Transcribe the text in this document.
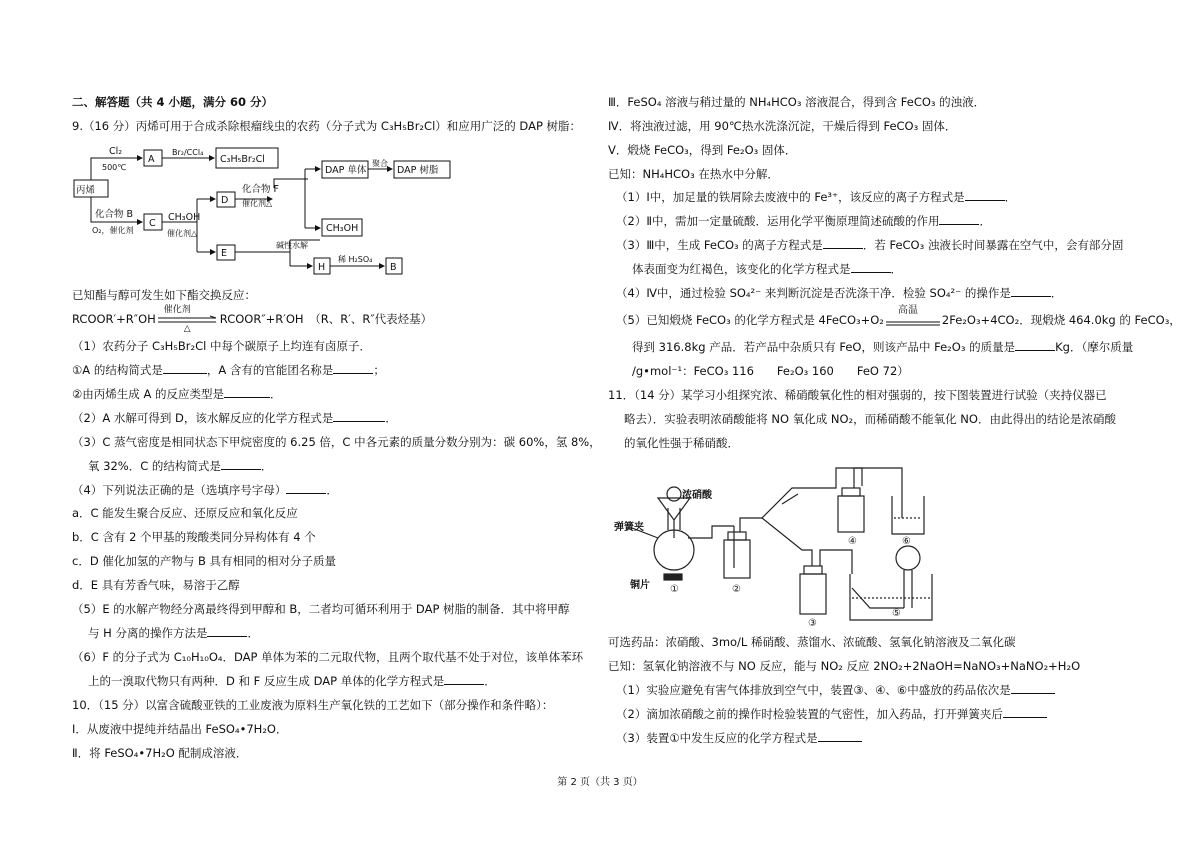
二、解答题（共 4 小题，满分 60 分）
9.（16 分）丙烯可用于合成杀除根瘤线虫的农药（分子式为 C₃H₅Br₂Cl）和应用广泛的 DAP 树脂：
丙烯
Cl₂
500℃
A
Br₂/CCl₄
C₃H₅Br₂Cl
化合物 B
O₂，催化剂
C
CH₃OH
催化剂△
D
化合物 F
催化剂△
DAP 单体
聚合
DAP 树脂
CH₃OH
E
碱性水解
H
稀 H₂SO₄
B
已知酯与醇可发生如下酯交换反应：
RCOOR′+R″OH
催化剂
△
RCOOR″+R′OH　（R、R′、R″代表烃基）
（1）农药分子 C₃H₅Br₂Cl 中每个碳原子上均连有卤原子．
①A 的结构简式是	，A 含有的官能团名称是	；
②由丙烯生成 A 的反应类型是	．
（2）A 水解可得到 D，该水解反应的化学方程式是	．
（3）C 蒸气密度是相同状态下甲烷密度的 6.25 倍，C 中各元素的质量分数分别为：碳 60%，氢 8%，
氧 32%．C 的结构简式是	．
（4）下列说法正确的是（选填序号字母）	．
a．C 能发生聚合反应、还原反应和氧化反应
b．C 含有 2 个甲基的羧酸类同分异构体有 4 个
c．D 催化加氢的产物与 B 具有相同的相对分子质量
d．E 具有芳香气味，易溶于乙醇
（5）E 的水解产物经分离最终得到甲醇和 B，二者均可循环利用于 DAP 树脂的制备．其中将甲醇
与 H 分离的操作方法是	．
（6）F 的分子式为 C₁₀H₁₀O₄．DAP 单体为苯的二元取代物，且两个取代基不处于对位，该单体苯环
上的一溴取代物只有两种．D 和 F 反应生成 DAP 单体的化学方程式是	．
10．（15 分）以富含硫酸亚铁的工业废液为原料生产氧化铁的工艺如下（部分操作和条件略）：
Ⅰ．从废液中提纯并结晶出 FeSO₄•7H₂O．
Ⅱ．将 FeSO₄•7H₂O 配制成溶液．
Ⅲ．FeSO₄ 溶液与稍过量的 NH₄HCO₃ 溶液混合，得到含 FeCO₃ 的浊液．
Ⅳ．将浊液过滤，用 90℃热水洗涤沉淀，干燥后得到 FeCO₃ 固体．
Ⅴ．煅烧 FeCO₃，得到 Fe₂O₃ 固体．
已知：NH₄HCO₃ 在热水中分解．
（1）Ⅰ中，加足量的铁屑除去废液中的 Fe³⁺，该反应的离子方程式是	．
（2）Ⅱ中，需加一定量硫酸．运用化学平衡原理简述硫酸的作用	．
（3）Ⅲ中，生成 FeCO₃ 的离子方程式是	．若 FeCO₃ 浊液长时间暴露在空气中，会有部分固
体表面变为红褐色，该变化的化学方程式是	．
（4）Ⅳ中，通过检验 SO₄²⁻ 来判断沉淀是否洗涤干净．检验 SO₄²⁻ 的操作是	．
（5）已知煅烧 FeCO₃ 的化学方程式是 4FeCO₃+O₂
高温
2Fe₂O₃+4CO₂．现煅烧 464.0kg 的 FeCO₃，
得到 316.8kg 产品．若产品中杂质只有 FeO，则该产品中 Fe₂O₃ 的质量是	Kg．（摩尔质量
/g•mol⁻¹：FeCO₃ 116　　Fe₂O₃ 160　　FeO 72）
11．（14 分）某学习小组探究浓、稀硝酸氧化性的相对强弱的，按下图装置进行试验（夹持仪器已
略去）．实验表明浓硝酸能将 NO 氧化成 NO₂，而稀硝酸不能氧化 NO．由此得出的结论是浓硝酸
的氧化性强于稀硝酸．
浓硝酸
弹簧夹
铜片 ①	②
③
④
⑤
⑥
可选药品：浓硝酸、3mo/L 稀硝酸、蒸馏水、浓硫酸、氢氧化钠溶液及二氧化碳
已知：氢氧化钠溶液不与 NO 反应，能与 NO₂ 反应 2NO₂+2NaOH=NaNO₃+NaNO₂+H₂O
（1）实验应避免有害气体排放到空气中，装置③、④、⑥中盛放的药品依次是
（2）滴加浓硝酸之前的操作时检验装置的气密性，加入药品，打开弹簧夹后
（3）装置①中发生反应的化学方程式是
第 2 页（共 3 页）
